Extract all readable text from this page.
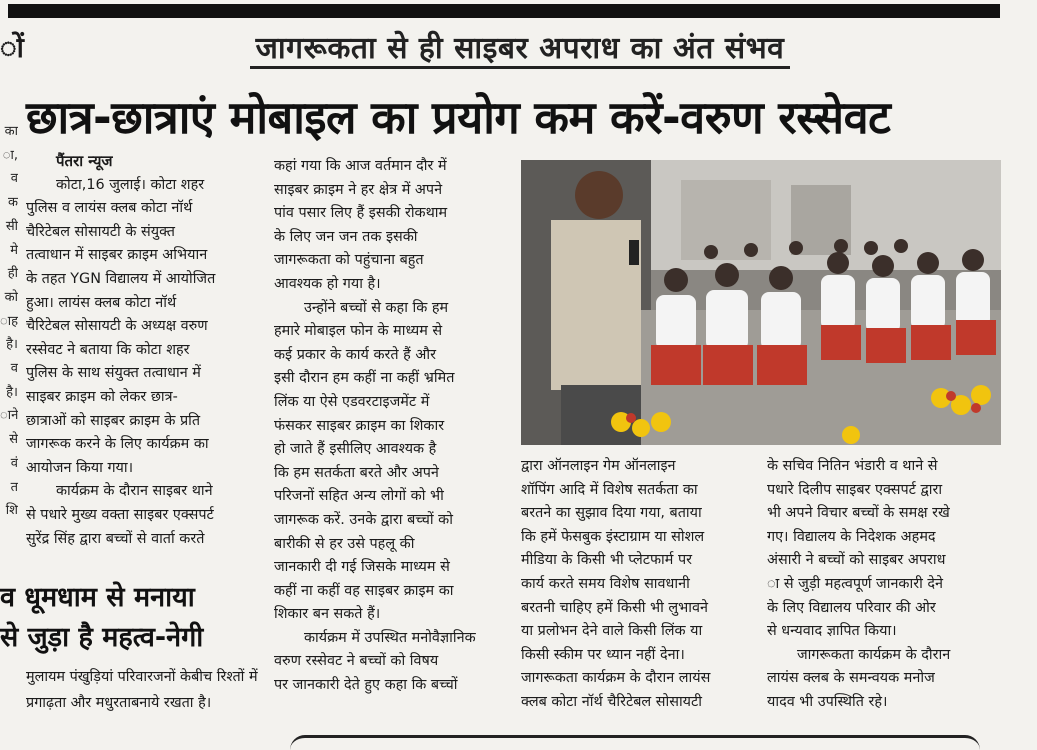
ों	जागरूकता से ही साइबर अपराध का अंत संभव
छात्र-छात्राएं मोबाइल का प्रयोग कम करें-वरुण रस्सेवट
का
ा,
व
क
सी
मे
ही
को
ाह
है।
व
है।
ाने
से
वं
त
शि
पैंतरा न्यूज
कोटा,16 जुलाई। कोटा शहर
पुलिस व लायंस क्लब कोटा नॉर्थ
चैरिटेबल सोसायटी के संयुक्त
तत्वाधान में साइबर क्राइम अभियान
के तहत YGN विद्यालय में आयोजित
हुआ। लायंस क्लब कोटा नॉर्थ
चैरिटेबल सोसायटी के अध्यक्ष वरुण
रस्सेवट ने बताया कि कोटा शहर
पुलिस के साथ संयुक्त तत्वाधान में
साइबर क्राइम को लेकर छात्र-
छात्राओं को साइबर क्राइम के प्रति
जागरूक करने के लिए कार्यक्रम का
आयोजन किया गया।
कार्यक्रम के दौरान साइबर थाने
से पधारे मुख्य वक्ता साइबर एक्सपर्ट
सुरेंद्र सिंह द्वारा बच्चों से वार्ता करते
कहां गया कि आज वर्तमान दौर में
साइबर क्राइम ने हर क्षेत्र में अपने
पांव पसार लिए हैं इसकी रोकथाम
के लिए जन जन तक इसकी
जागरूकता को पहुंचाना बहुत
आवश्यक हो गया है।
उन्होंने बच्चों से कहा कि हम
हमारे मोबाइल फोन के माध्यम से
कई प्रकार के कार्य करते हैं और
इसी दौरान हम कहीं ना कहीं भ्रमित
लिंक या ऐसे एडवरटाइजमेंट में
फंसकर साइबर क्राइम का शिकार
हो जाते हैं इसीलिए आवश्यक है
कि हम सतर्कता बरते और अपने
परिजनों सहित अन्य लोगों को भी
जागरूक करें. उनके द्वारा बच्चों को
बारीकी से हर उसे पहलू की
जानकारी दी गई जिसके माध्यम से
कहीं ना कहीं वह साइबर क्राइम का
शिकार बन सकते हैं।
कार्यक्रम में उपस्थित मनोवैज्ञानिक
वरुण रस्सेवट ने बच्चों को विषय
पर जानकारी देते हुए कहा कि बच्चों
द्वारा ऑनलाइन गेम ऑनलाइन
शॉपिंग आदि में विशेष सतर्कता का
बरतने का सुझाव दिया गया, बताया
कि हमें फेसबुक इंस्टाग्राम या सोशल
मीडिया के किसी भी प्लेटफार्म पर
कार्य करते समय विशेष सावधानी
बरतनी चाहिए हमें किसी भी लुभावने
या प्रलोभन देने वाले किसी लिंक या
किसी स्कीम पर ध्यान नहीं देना।
जागरूकता कार्यक्रम के दौरान लायंस
क्लब कोटा नॉर्थ चैरिटेबल सोसायटी
के सचिव नितिन भंडारी व थाने से
पधारे दिलीप साइबर एक्सपर्ट द्वारा
भी अपने विचार बच्चों के समक्ष रखे
गए। विद्यालय के निदेशक अहमद
अंसारी ने बच्चों को साइबर अपराध
ा से जुड़ी महत्वपूर्ण जानकारी देने
के लिए विद्यालय परिवार की ओर
से धन्यवाद ज्ञापित किया।
जागरूकता कार्यक्रम के दौरान
लायंस क्लब के समन्वयक मनोज
यादव भी उपस्थिति रहे।
व धूमधाम से मनाया
से जुड़ा है महत्व-नेगी
मुलायम पंखुड़ियां परिवारजनों केबीच रिश्तों में प्रगाढ़ता और मधुरताबनाये रखता है।
